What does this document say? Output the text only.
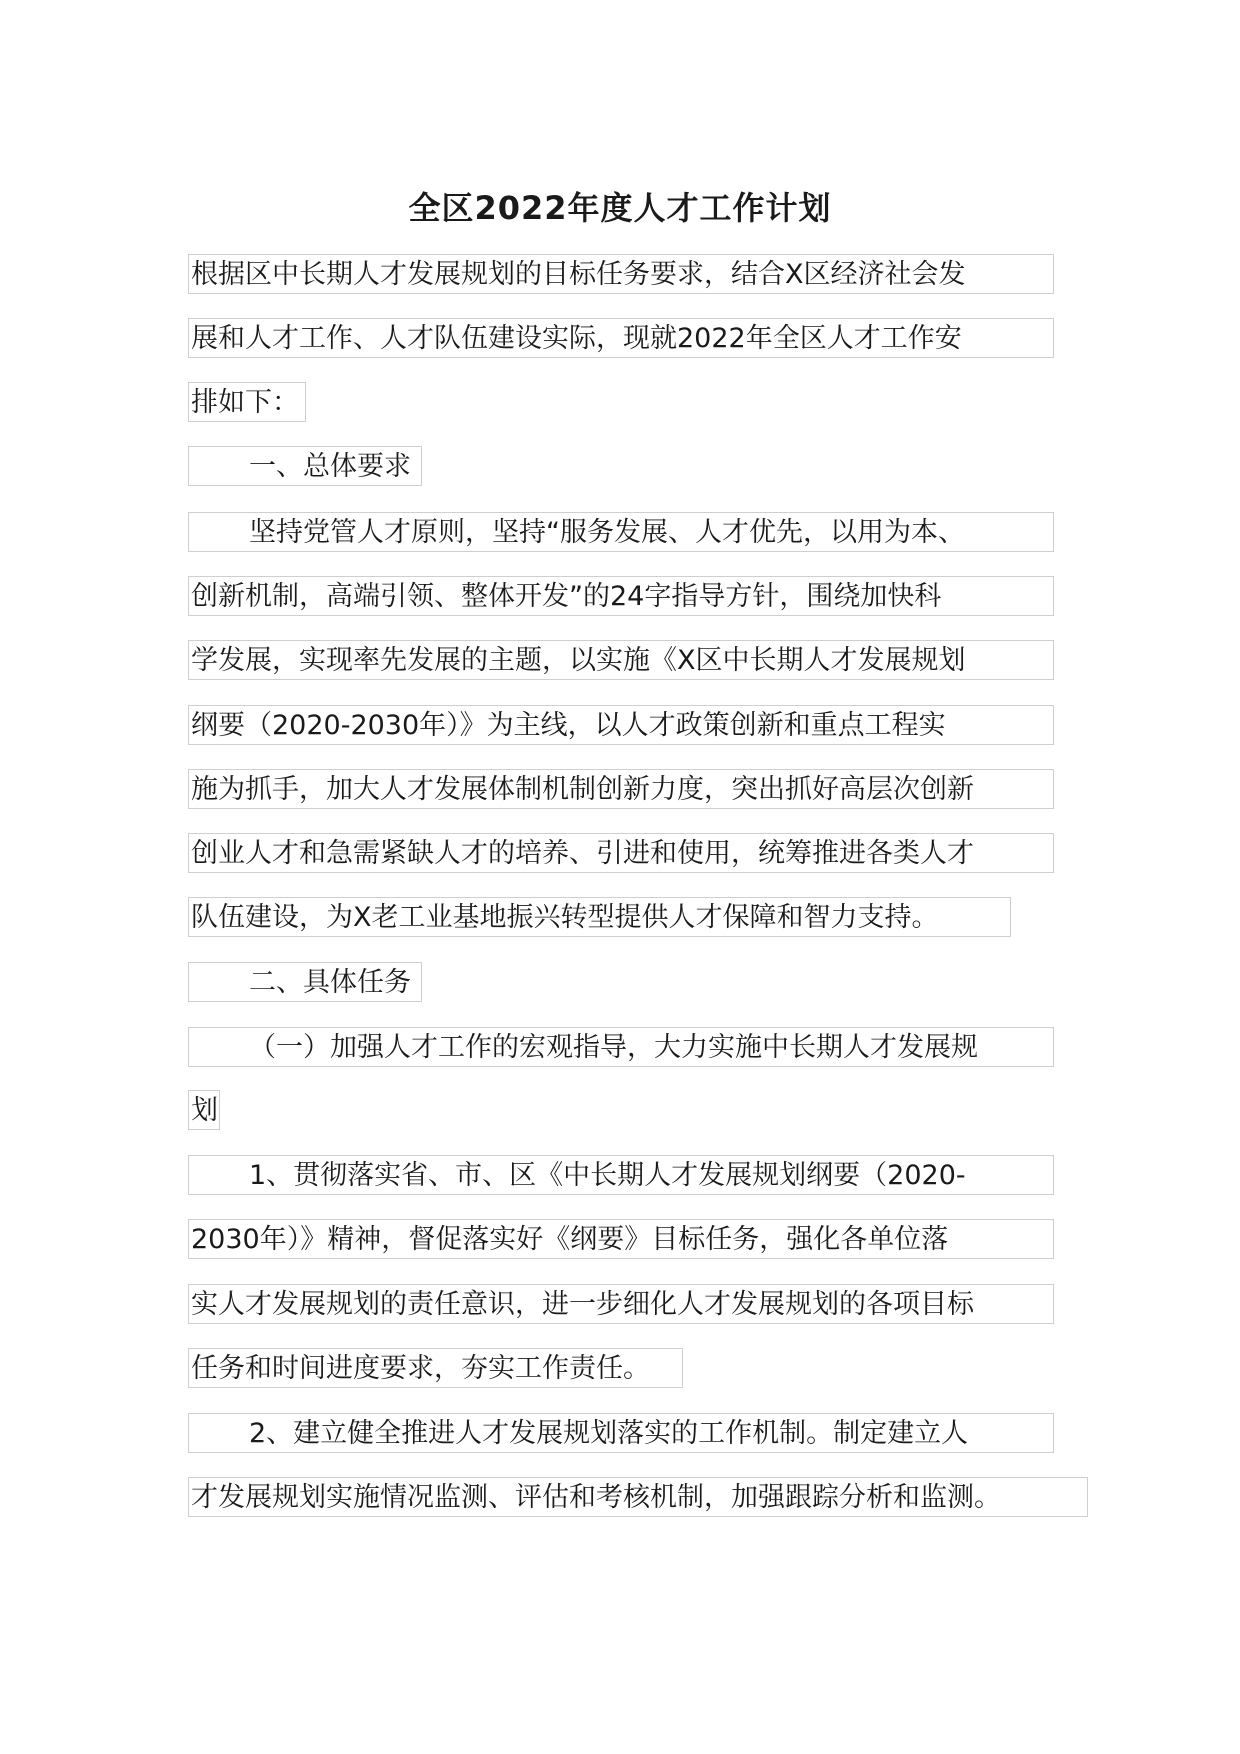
全区2022年度人才工作计划
根据区中长期人才发展规划的目标任务要求，结合X区经济社会发
展和人才工作、人才队伍建设实际，现就2022年全区人才工作安
排如下：
一、总体要求
坚持党管人才原则，坚持“服务发展、人才优先，以用为本、
创新机制，高端引领、整体开发”的24字指导方针，围绕加快科
学发展，实现率先发展的主题，以实施《X区中长期人才发展规划
纲要（2020-2030年）》为主线，以人才政策创新和重点工程实
施为抓手，加大人才发展体制机制创新力度，突出抓好高层次创新
创业人才和急需紧缺人才的培养、引进和使用，统筹推进各类人才
队伍建设，为X老工业基地振兴转型提供人才保障和智力支持。
二、具体任务
（一）加强人才工作的宏观指导，大力实施中长期人才发展规
划
1、贯彻落实省、市、区《中长期人才发展规划纲要（2020-
2030年）》精神，督促落实好《纲要》目标任务，强化各单位落
实人才发展规划的责任意识，进一步细化人才发展规划的各项目标
任务和时间进度要求，夯实工作责任。
2、建立健全推进人才发展规划落实的工作机制。制定建立人
才发展规划实施情况监测、评估和考核机制，加强跟踪分析和监测。
